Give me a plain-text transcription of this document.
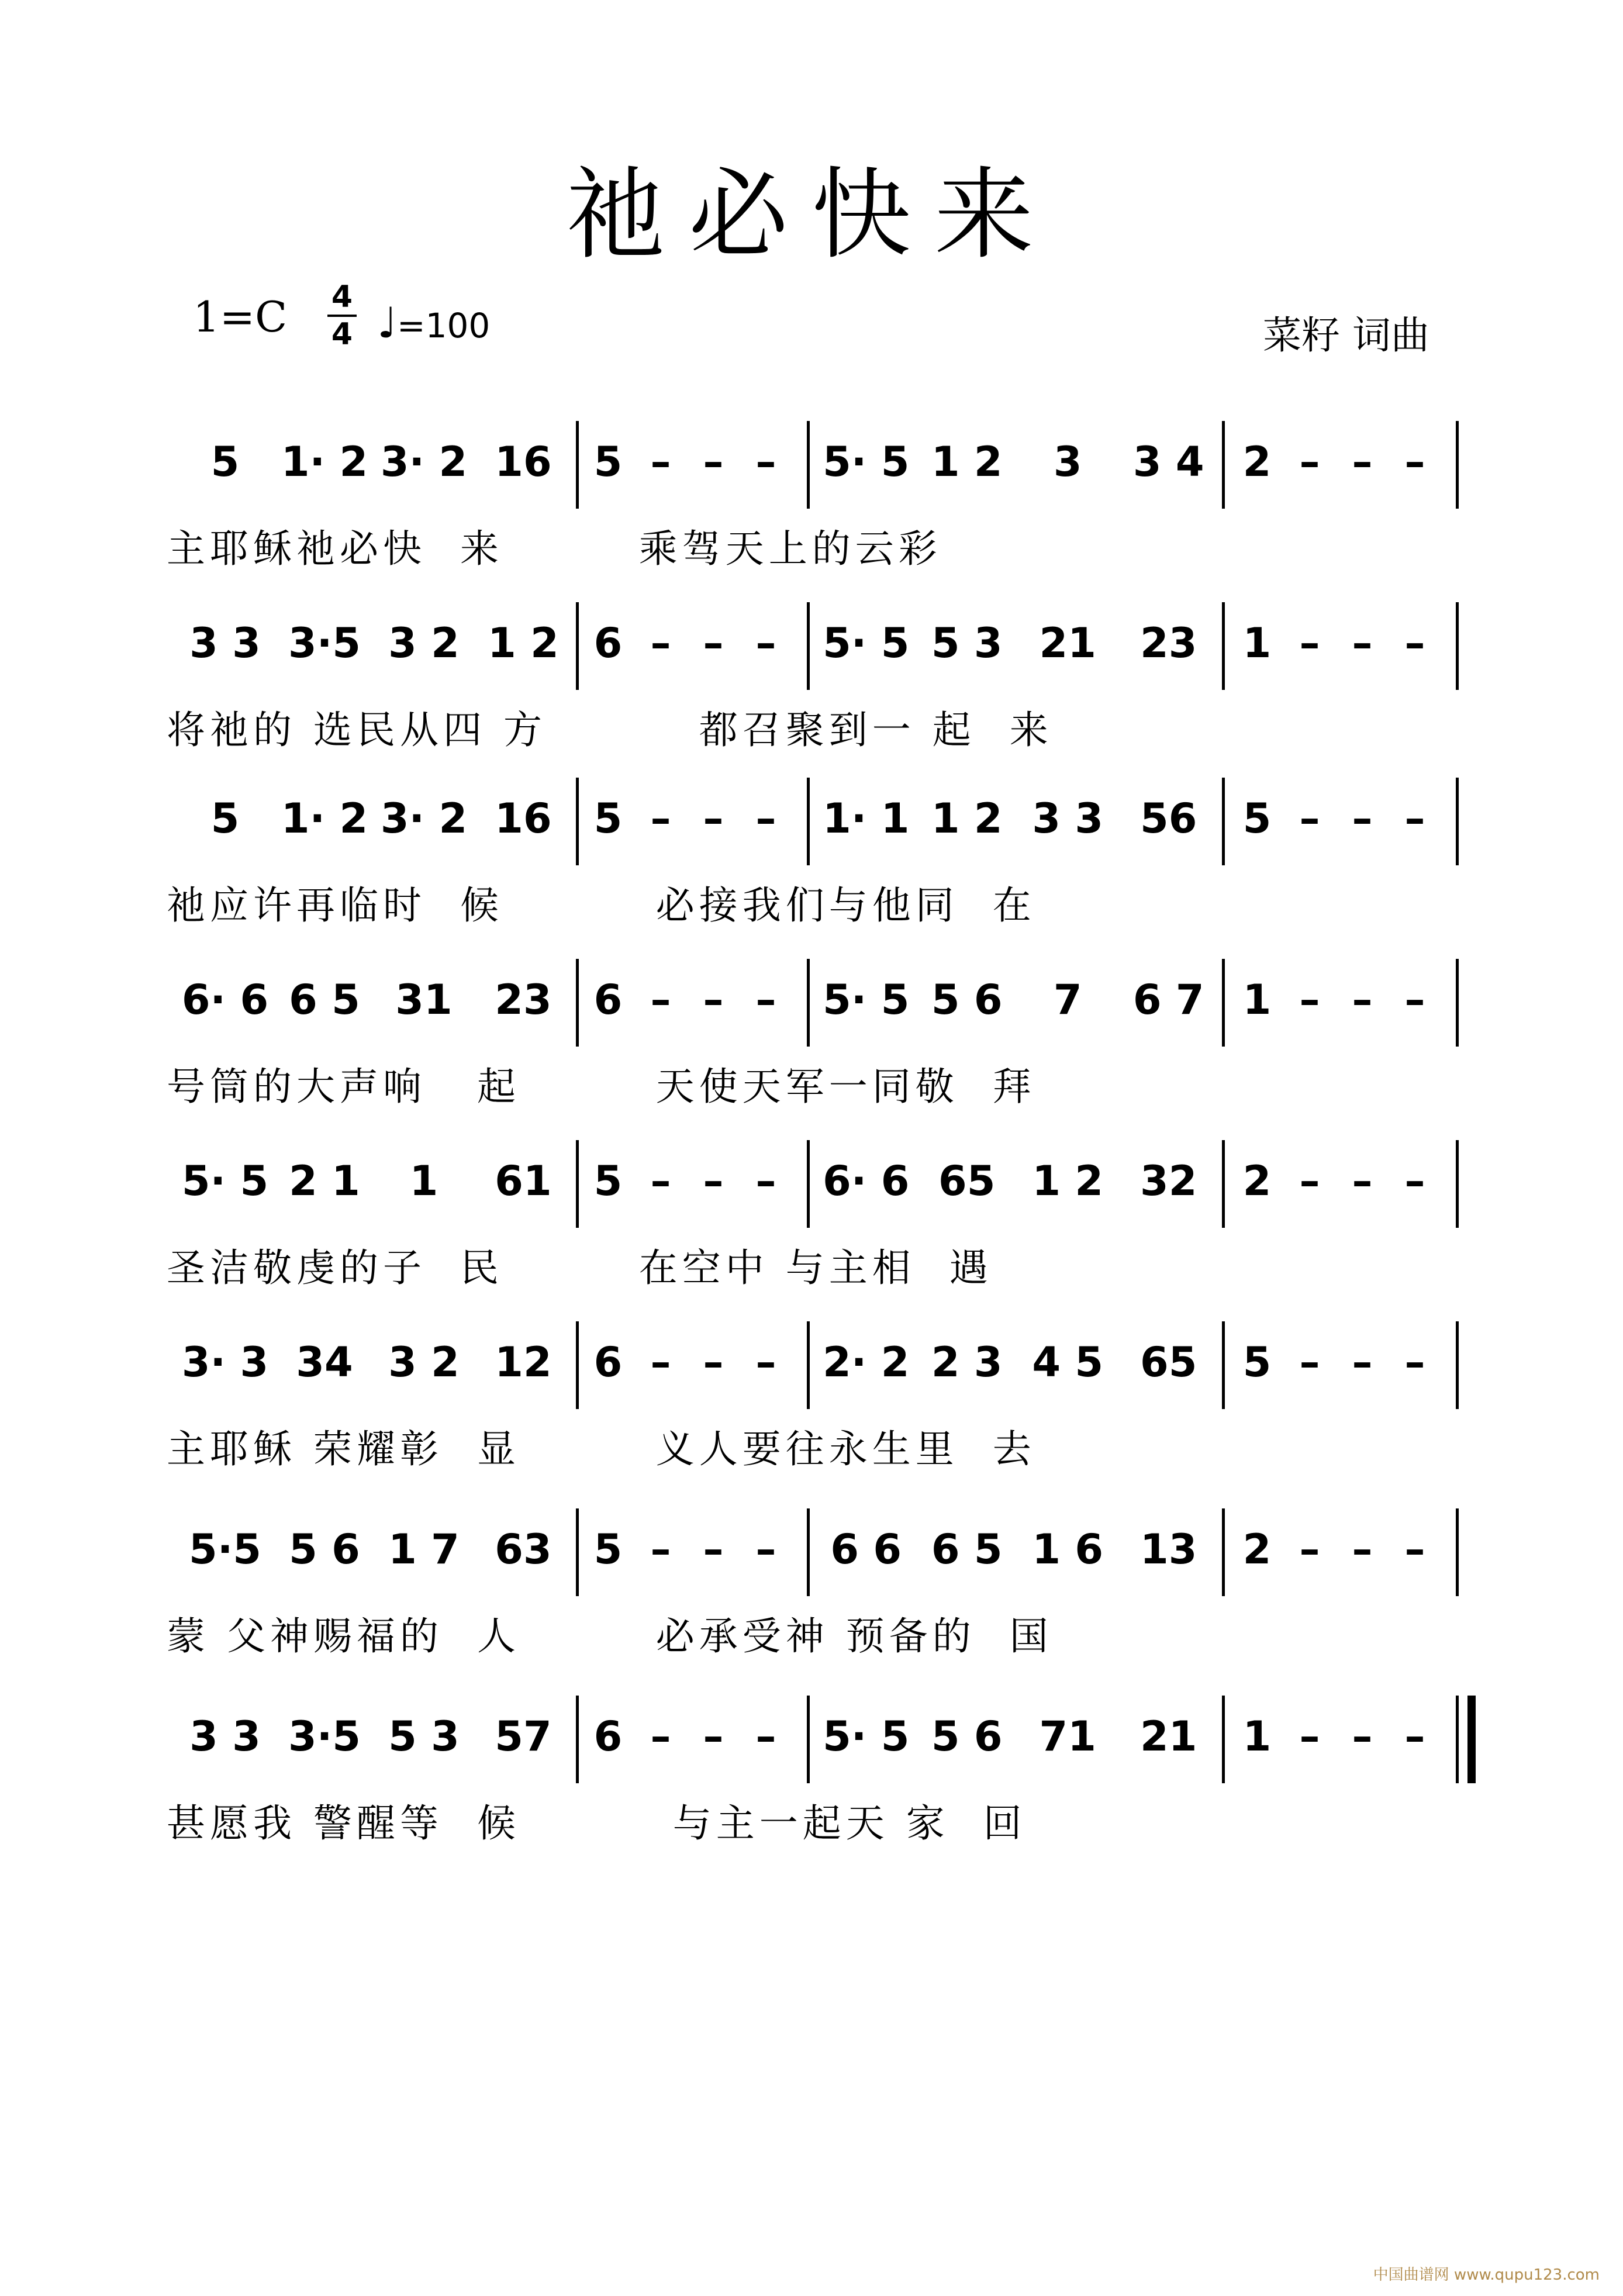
祂必快来
1=C 4
4 ♩=100	菜籽 词曲
5	1· 2 3· 2 16	5 – – –	5· 5 1 2	3	3 4 2 – – –
主耶稣祂必快  来        乘驾天上的云彩
3 3 3·5 3 2 1 2 6 – – –	5· 5 5 3 21	23	1 – – –
将祂的 选民从四 方         都召聚到一 起  来
5	1· 2 3· 2 16	5 – – –	1· 1 1 2 3 3 56	5 – – –
祂应许再临时  候         必接我们与他同  在
6· 6 6 5 31	23	6 – – –	5· 5 5 6	7	6 7 1 – – –
号筒的大声响   起        天使天军一同敬  拜
5· 5 2 1	1	61	5 – – –	6· 6 65 1 2 32	2 – – –
圣洁敬虔的子  民        在空中 与主相  遇
3· 3 34 3 2 12	6 – – –	2· 2 2 3 4 5 65	5 – – –
主耶稣 荣耀彰  显        义人要往永生里  去
5·5 5 6 1 7 63	5 – – –	6 6 6 5 1 6 13	2 – – –
蒙 父神赐福的  人        必承受神 预备的  国
3 3 3·5 5 3 57	6 – – –	5· 5 5 6 71	21	1 – – –
甚愿我 警醒等  候         与主一起天 家  回
中国曲谱网 www.qupu123.com
